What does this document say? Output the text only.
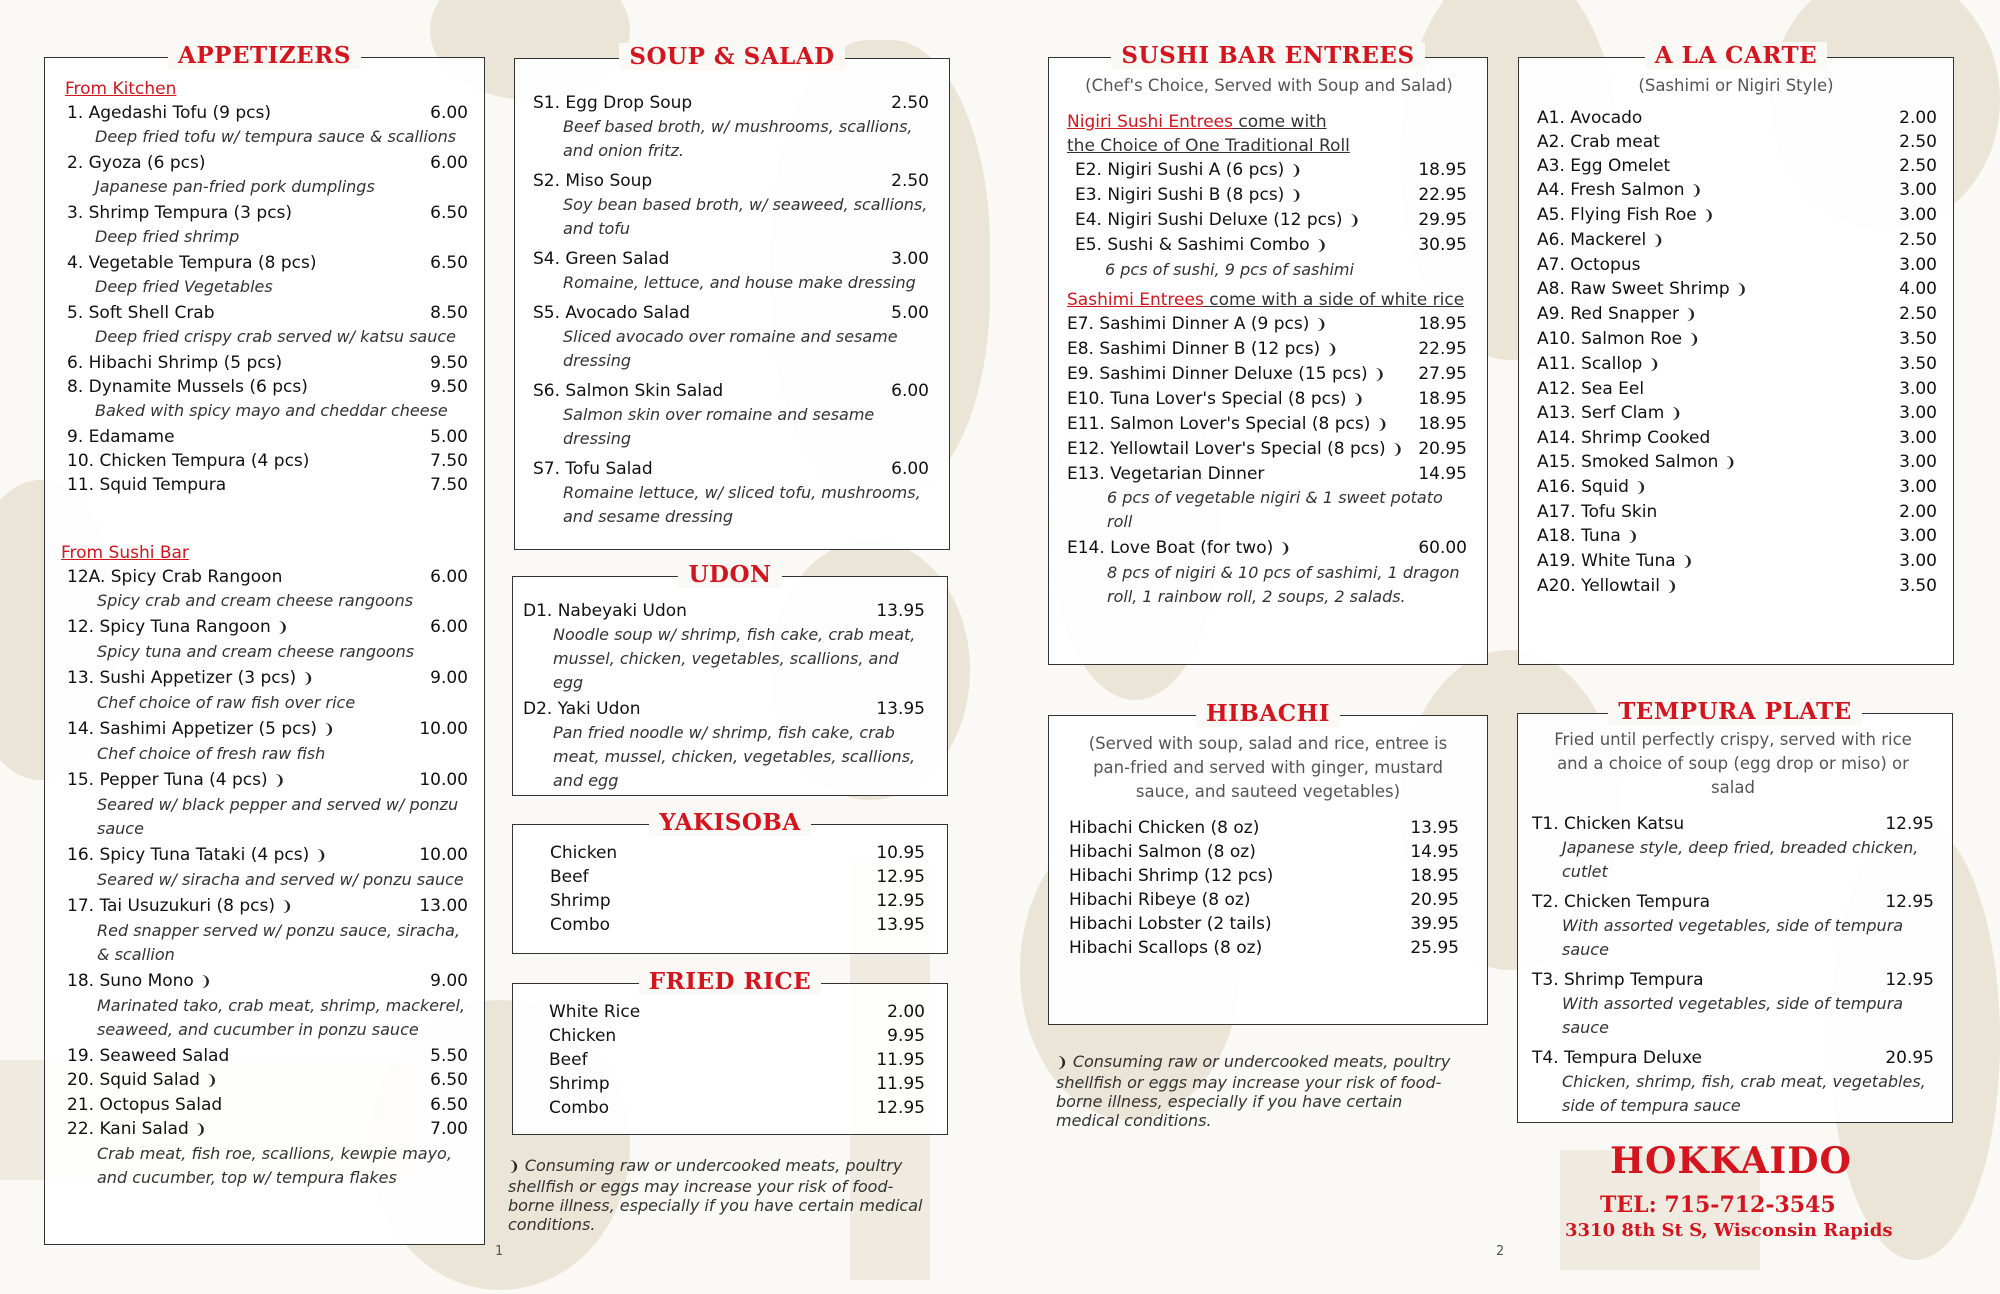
APPETIZERS
From Kitchen
1. Agedashi Tofu (9 pcs)	6.00
Deep fried tofu w/ tempura sauce & scallions
2. Gyoza (6 pcs)	6.00
Japanese pan-fried pork dumplings
3. Shrimp Tempura (3 pcs)	6.50
Deep fried shrimp
4. Vegetable Tempura (8 pcs)	6.50
Deep fried Vegetables
5. Soft Shell Crab	8.50
Deep fried crispy crab served w/ katsu sauce
6. Hibachi Shrimp (5 pcs)	9.50
8. Dynamite Mussels (6 pcs)	9.50
Baked with spicy mayo and cheddar cheese
9. Edamame	5.00
10. Chicken Tempura (4 pcs)	7.50
11. Squid Tempura	7.50
From Sushi Bar
12A. Spicy Crab Rangoon	6.00
Spicy crab and cream cheese rangoons
12. Spicy Tuna Rangoon ❩	6.00
Spicy tuna and cream cheese rangoons
13. Sushi Appetizer (3 pcs) ❩	9.00
Chef choice of raw fish over rice
14. Sashimi Appetizer (5 pcs) ❩	10.00
Chef choice of fresh raw fish
15. Pepper Tuna (4 pcs) ❩	10.00
Seared w/ black pepper and served w/ ponzu sauce
16. Spicy Tuna Tataki (4 pcs) ❩	10.00
Seared w/ siracha and served w/ ponzu sauce
17. Tai Usuzukuri (8 pcs) ❩	13.00
Red snapper served w/ ponzu sauce, siracha, & scallion
18. Suno Mono ❩	9.00
Marinated tako, crab meat, shrimp, mackerel, seaweed, and cucumber in ponzu sauce
19. Seaweed Salad	5.50
20. Squid Salad ❩	6.50
21. Octopus Salad	6.50
22. Kani Salad ❩	7.00
Crab meat, fish roe, scallions, kewpie mayo, and cucumber, top w/ tempura flakes
SOUP & SALAD
S1. Egg Drop Soup	2.50
Beef based broth, w/ mushrooms, scallions, and onion fritz.
S2. Miso Soup	2.50
Soy bean based broth, w/ seaweed, scallions, and tofu
S4. Green Salad	3.00
Romaine, lettuce, and house make dressing
S5. Avocado Salad	5.00
Sliced avocado over romaine and sesame dressing
S6. Salmon Skin Salad	6.00
Salmon skin over romaine and sesame dressing
S7. Tofu Salad	6.00
Romaine lettuce, w/ sliced tofu, mushrooms, and sesame dressing
UDON
D1. Nabeyaki Udon	13.95
Noodle soup w/ shrimp, fish cake, crab meat, mussel, chicken, vegetables, scallions, and egg
D2. Yaki Udon	13.95
Pan fried noodle w/ shrimp, fish cake, crab meat, mussel, chicken, vegetables, scallions, and egg
YAKISOBA
Chicken	10.95
Beef	12.95
Shrimp	12.95
Combo	13.95
FRIED RICE
White Rice	2.00
Chicken	9.95
Beef	11.95
Shrimp	11.95
Combo	12.95
❩ Consuming raw or undercooked meats, poultry shellfish or eggs may increase your risk of food-borne illness, especially if you have certain medical conditions.
1
SUSHI BAR ENTREES
(Chef's Choice, Served with Soup and Salad)
Nigiri Sushi Entrees come with
the Choice of One Traditional Roll
E2. Nigiri Sushi A (6 pcs) ❩	18.95
E3. Nigiri Sushi B (8 pcs) ❩	22.95
E4. Nigiri Sushi Deluxe (12 pcs) ❩	29.95
E5. Sushi & Sashimi Combo ❩	30.95
6 pcs of sushi, 9 pcs of sashimi
Sashimi Entrees come with a side of white rice
E7. Sashimi Dinner A (9 pcs) ❩	18.95
E8. Sashimi Dinner B (12 pcs) ❩	22.95
E9. Sashimi Dinner Deluxe (15 pcs) ❩ 27.95
E10. Tuna Lover's Special (8 pcs) ❩	18.95
E11. Salmon Lover's Special (8 pcs) ❩ 18.95
E12. Yellowtail Lover's Special (8 pcs) ❩ 20.95
E13. Vegetarian Dinner	14.95
6 pcs of vegetable nigiri & 1 sweet potato roll
E14. Love Boat (for two) ❩	60.00
8 pcs of nigiri & 10 pcs of sashimi, 1 dragon roll, 1 rainbow roll, 2 soups, 2 salads.
A LA CARTE
(Sashimi or Nigiri Style)
A1. Avocado	2.00
A2. Crab meat	2.50
A3. Egg Omelet	2.50
A4. Fresh Salmon ❩	3.00
A5. Flying Fish Roe ❩	3.00
A6. Mackerel ❩	2.50
A7. Octopus	3.00
A8. Raw Sweet Shrimp ❩	4.00
A9. Red Snapper ❩	2.50
A10. Salmon Roe ❩	3.50
A11. Scallop ❩	3.50
A12. Sea Eel	3.00
A13. Serf Clam ❩	3.00
A14. Shrimp Cooked	3.00
A15. Smoked Salmon ❩	3.00
A16. Squid ❩	3.00
A17. Tofu Skin	2.00
A18. Tuna ❩	3.00
A19. White Tuna ❩	3.00
A20. Yellowtail ❩	3.50
HIBACHI
(Served with soup, salad and rice, entree is pan-fried and served with ginger, mustard sauce, and sauteed vegetables)
Hibachi Chicken (8 oz)	13.95
Hibachi Salmon (8 oz)	14.95
Hibachi Shrimp (12 pcs)	18.95
Hibachi Ribeye (8 oz)	20.95
Hibachi Lobster (2 tails)	39.95
Hibachi Scallops (8 oz)	25.95
TEMPURA PLATE
Fried until perfectly crispy, served with rice and a choice of soup (egg drop or miso) or salad
T1. Chicken Katsu	12.95
Japanese style, deep fried, breaded chicken, cutlet
T2. Chicken Tempura	12.95
With assorted vegetables, side of tempura sauce
T3. Shrimp Tempura	12.95
With assorted vegetables, side of tempura sauce
T4. Tempura Deluxe	20.95
Chicken, shrimp, fish, crab meat, vegetables, side of tempura sauce
❩ Consuming raw or undercooked meats, poultry shellfish or eggs may increase your risk of food-borne illness, especially if you have certain medical conditions.
HOKKAIDO
TEL: 715-712-3545
3310 8th St S, Wisconsin Rapids
2
